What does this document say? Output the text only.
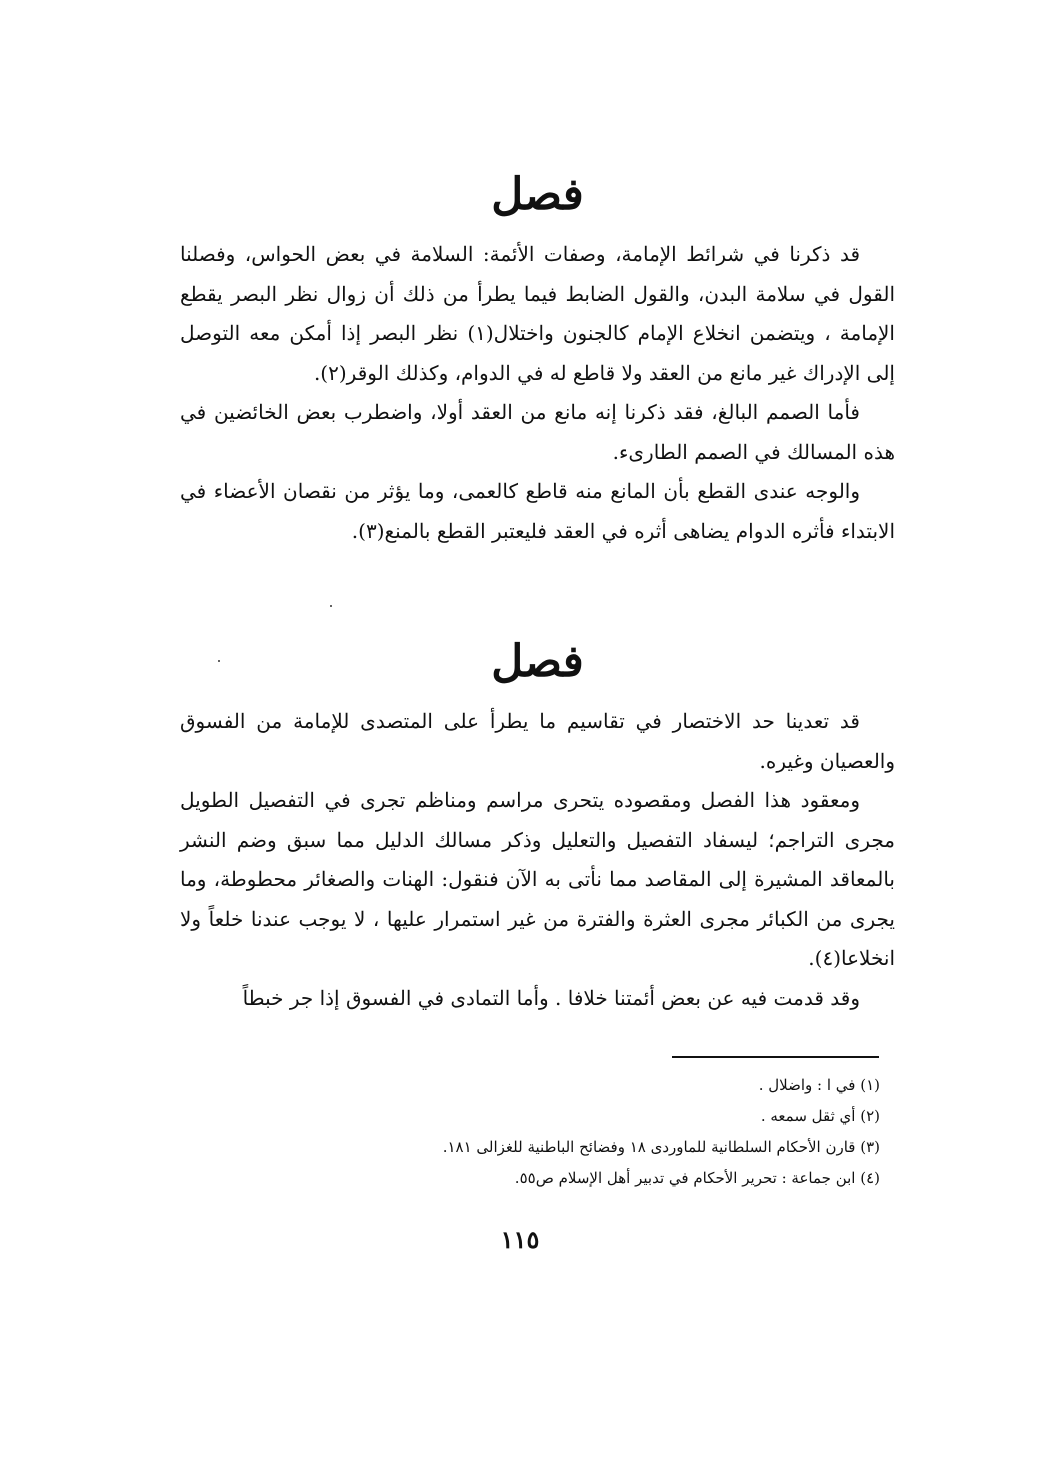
فصل

قد ذكرنا في شرائط الإمامة، وصفات الأئمة: السلامة في بعض الحواس، وفصلنا القول في سلامة البدن، والقول الضابط فيما يطرأ من ذلك أن زوال نظر البصر يقطع الإمامة ، ويتضمن انخلاع الإمام كالجنون واختلال(١) نظر البصر إذا أمكن معه التوصل إلى الإدراك غير مانع من العقد ولا قاطع له في الدوام، وكذلك الوقر(٢).

فأما الصمم البالغ، فقد ذكرنا إنه مانع من العقد أولا، واضطرب بعض الخائضين في هذه المسالك في الصمم الطارىء.

والوجه عندى القطع بأن المانع منه قاطع كالعمى، وما يؤثر من نقصان الأعضاء في الابتداء فأثره الدوام يضاهى أثره في العقد فليعتبر القطع بالمنع(٣).

فصل

قد تعدينا حد الاختصار في تقاسيم ما يطرأ على المتصدى للإمامة من الفسوق والعصيان وغيره.

ومعقود هذا الفصل ومقصوده يتحرى مراسم ومناظم تجرى في التفصيل الطويل مجرى التراجم؛ ليسفاد التفصيل والتعليل وذكر مسالك الدليل مما سبق وضم النشر بالمعاقد المشيرة إلى المقاصد مما نأتى به الآن فنقول: الهنات والصغائر محطوطة، وما يجرى من الكبائر مجرى العثرة والفترة من غير استمرار عليها ، لا يوجب عندنا خلعاً ولا انخلاعا(٤).

وقد قدمت فيه عن بعض أئمتنا خلافا . وأما التمادى في الفسوق إذا جر خبطاً

(١) في ا : واضلال .

(٢) أي ثقل سمعه .

(٣) قارن الأحكام السلطانية للماوردى ١٨ وفضائح الباطنية للغزالى ١٨١.

(٤) ابن جماعة : تحرير الأحكام في تدبير أهل الإسلام ص٥٥.

١١٥
